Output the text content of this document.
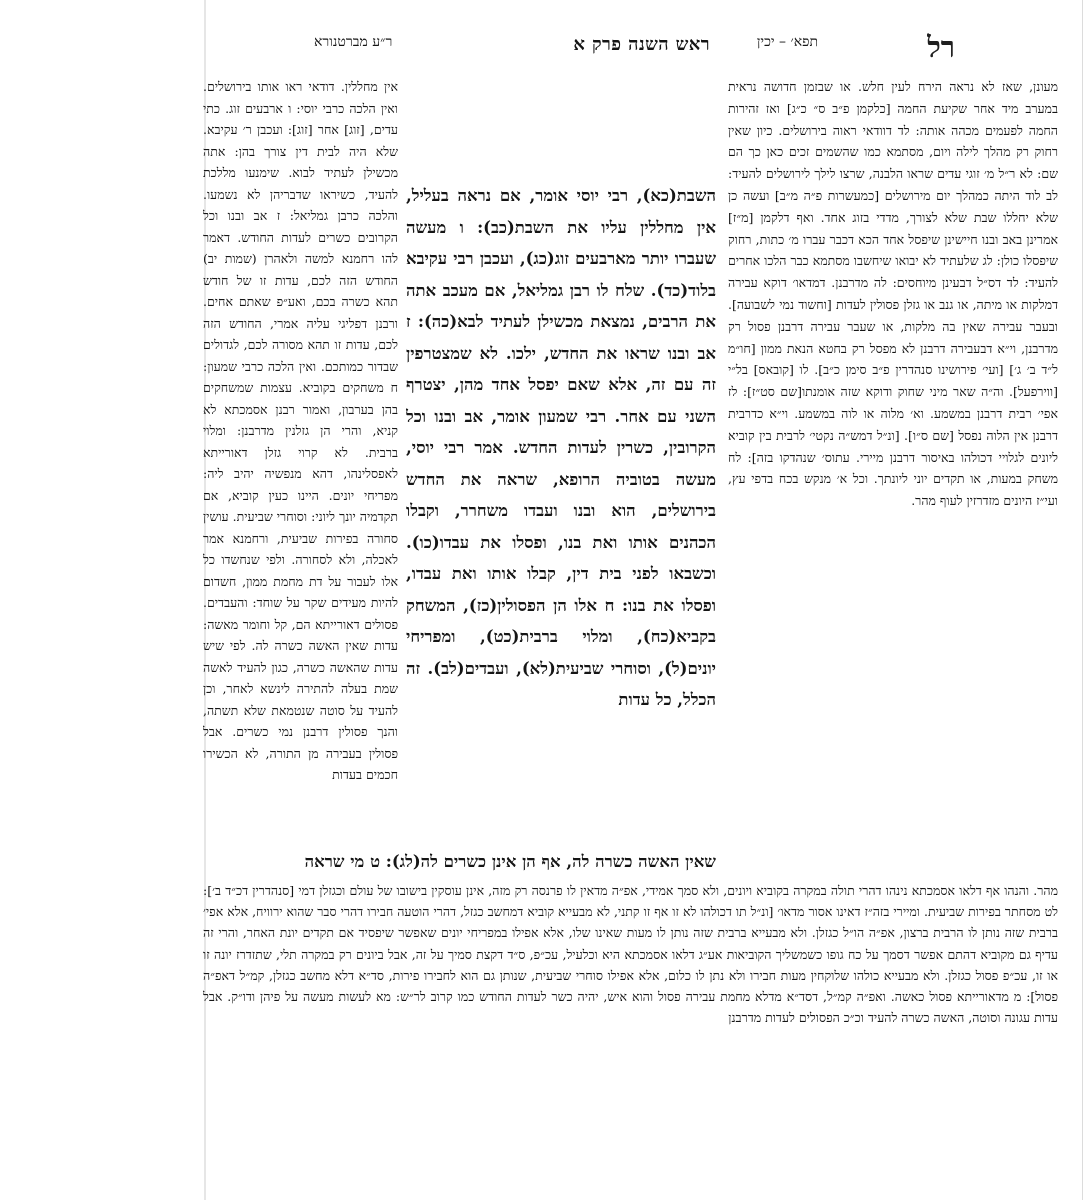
רל
תפא׳ – יכין
ראש השנה פרק א
ר״ע מברטנורא

מעונן, שאז לא נראה הירח לעין חלש. או שבזמן חדושה נראית במערב מיד אחר שקיעת החמה [כלקמן פ״ב ס״ כ״ג] ואז זהירות החמה לפעמים מכהה אותה: לד דוודאי ראוה בירושלים. כיון שאין רחוק רק מהלך לילה ויום, מסתמא כמו שהשמים זכים כאן כך הם שם: לא ר״ל מ׳ זוגי עדים שראו הלבנה, שרצו לילך לירושלים להעיד: לב לוד היתה כמהלך יום מירושלים [כמעשרות פ״ה מ״ב] ועשה כן שלא יחללו שבת שלא לצורך, מדדי בזוג אחד. ואף דלקמן [מ״ז] אמרינן באב ובנו חיישינן שיפסל אחד הכא דכבר עברו מ׳ כתות, רחוק שיפסלו כולן: לג שלעתיד לא יבואו שיחשבו מסתמא כבר הלכו אחרים להעיד: לד דס״ל דבעינן מיוחסים: לה מדרבנן. דמדאו׳ דוקא עבירה דמלקות או מיתה, או גנב או גזלן פסולין לעדות [וחשוד נמי לשבועה]. ובעבר עבירה שאין בה מלקות, או שעבר עבירה דרבנן פסול רק מדרבנן, וי״א דבעבירה דרבנן לא מפסל רק בחטא הנאת ממון [חו״מ ל״ד ב׳ ג׳] [ועי׳ פירושינו סנהדרין פ״ב סימן כ״ב]. לו [קובאס] בל״י [ווירפעל]. וה״ה שאר מיני שחוק ודוקא שזה אומנתו[שם סט״ז]: לז אפי׳ רבית דרבנן במשמע. וא׳ מלוה או לוה במשמע. וי״א כדרבית דרבנן אין הלוה נפסל [שם ס״ו]. [ונ״ל דמש״ה נקטי׳ לרבית בין קוביא ליונים לגלויי דכולהו באיסור דרבנן מיירי. עתוס׳ שנהדקו בזה]: לח משחק במעות, או תקדים יוני ליונתך. וכל א׳ מנקש בכח בדפי עץ, ועי״ז היונים מזדרזין לעוף מהר.

השבת(כא), רבי יוסי אומר, אם נראה בעליל, אין מחללין עליו את השבת(כב): ו מעשה שעברו יותר מארבעים זוג(כג), ועכבן רבי עקיבא בלוד(כד). שלח לו רבן גמליאל, אם מעכב אתה את הרבים, נמצאת מכשילן לעתיד לבא(כה): ז אב ובנו שראו את החדש, ילכו. לא שמצטרפין זה עם זה, אלא שאם יפסל אחד מהן, יצטרף השני עם אחר. רבי שמעון אומר, אב ובנו וכל הקרובין, כשרין לעדות החדש. אמר רבי יוסי, מעשה בטוביה הרופא, שראה את החדש בירושלים, הוא ובנו ועבדו משחרר, וקבלו הכהנים אותו ואת בנו, ופסלו את עבדו(כו). וכשבאו לפני בית דין, קבלו אותו ואת עבדו, ופסלו את בנו: ח אלו הן הפסולין(כז), המשחק בקביא(כח), ומלוי ברבית(כט), ומפריחי יונים(ל), וסוחרי שביעית(לא), ועבדים(לב). זה הכלל, כל עדות

אין מחללין. דודאי ראו אותו בירושלים. ואין הלכה כרבי יוסי: ו ארבעים זוג. כתי עדים, [זוג] אחר [זוג]: ועכבן ר׳ עקיבא. שלא היה לבית דין צורך בהן: אתה מכשילן לעתיד לבוא. שימנעו מללכת להעיד, כשיראו שדבריהן לא נשמעו. והלכה כרבן גמליאל: ז אב ובנו וכל הקרובים כשרים לעדות החודש. דאמר להו רחמנא למשה ולאהרן (שמות יב) החודש הזה לכם, עדות זו של חודש תהא כשרה בכם, ואע״פ שאתם אחים. ורבנן דפליגי עליה אמרי, החודש הזה לכם, עדות זו תהא מסורה לכם, לגדולים שבדור כמותכם. ואין הלכה כרבי שמעון: ח משחקים בקוביא. עצמות שמשחקים בהן בערבון, ואמור רבנן אסמכתא לא קניא, והרי הן גזלנין מדרבנן: ומלוי ברבית. לא קרוי גזלן דאורייתא לאפסלינהו, דהא מנפשיה יהיב ליה: מפריחי יונים. היינו כעין קוביא, אם תקדמיה יונך ליוני: וסוחרי שביעית. עושין סחורה בפירות שביעית, ורחמנא אמר לאכלה, ולא לסחורה. ולפי שנחשדו כל אלו לעבור על דת מחמת ממון, חשדום להיות מעידים שקר על שוחד: והעבדים. פסולים דאורייתא הם, קל וחומר מאשה: עדות שאין האשה כשרה לה. לפי שיש עדות שהאשה כשרה, כגון להעיד לאשה שמת בעלה להתירה לינשא לאחר, וכן להעיד על סוטה שנטמאת שלא תשתה, והנך פסולין דרבנן נמי כשרים. אבל פסולין בעבירה מן התורה, לא הכשירו חכמים בעדות

שאין האשה כשרה לה, אף הן אינן כשרים לה(לג): ט מי שראה

מהר. והנהו אף דלאו אסמכתא נינהו דהרי תולה במקרה בקוביא ויונים, ולא סמך אמידי, אפ״ה מדאין לו פרנסה רק מזה, אינן עוסקין בישובו של עולם וכגזלן דמי [סנהדרין דכ״ד ב׳]: לט מסחתר בפירות שביעית. ומיירי בזה״ז דאינו אסור מדאו׳ [ונ״ל תו דכולהו לא זו אף זו קתני, לא מבעייא קוביא דמחשב כגזל, דהרי הוטעה חבירו דהרי סבר שהוא ירוויח, אלא אפי׳ ברבית שזה נותן לו הרבית ברצון, אפ״ה הו״ל כגזלן. ולא מבעייא ברבית שזה נותן לו מעות שאינו שלו, אלא אפילו במפריחי יונים שאפשר שיפסיד אם תקדים יונת האחר, והרי זה עדיף גם מקוביא דהתם אפשר דסמך על כח גופו כשמשליך הקוביאות אע״ג דלאו אסמכתא היא וכלעיל, עכ״פ, ס״ד דקצת סמיך על זה, אבל ביונים רק במקרה תלי, שתזדרז יונה זו או זו, עכ״פ פסול כגזלן. ולא מבעייא כולהו שלוקחין מעות חבירו ולא נתן לו כלום, אלא אפילו סוחרי שביעית, שנותן גם הוא לחבירו פירות, סד״א דלא מחשב כגזלן, קמ״ל דאפ״ה פסול]: מ מדאורייתא פסול כאשה. ואפ״ה קמ״ל, דסד״א מדלא מחמת עבירה פסול והוא איש, יהיה כשר לעדות החודש כמו קרוב לר״ש: מא לעשות מעשה על פיהן ודו״ק. אבל עדות עגונה וסוטה, האשה כשרה להעיד וכ״כ הפסולים לעדות מדרבנן
